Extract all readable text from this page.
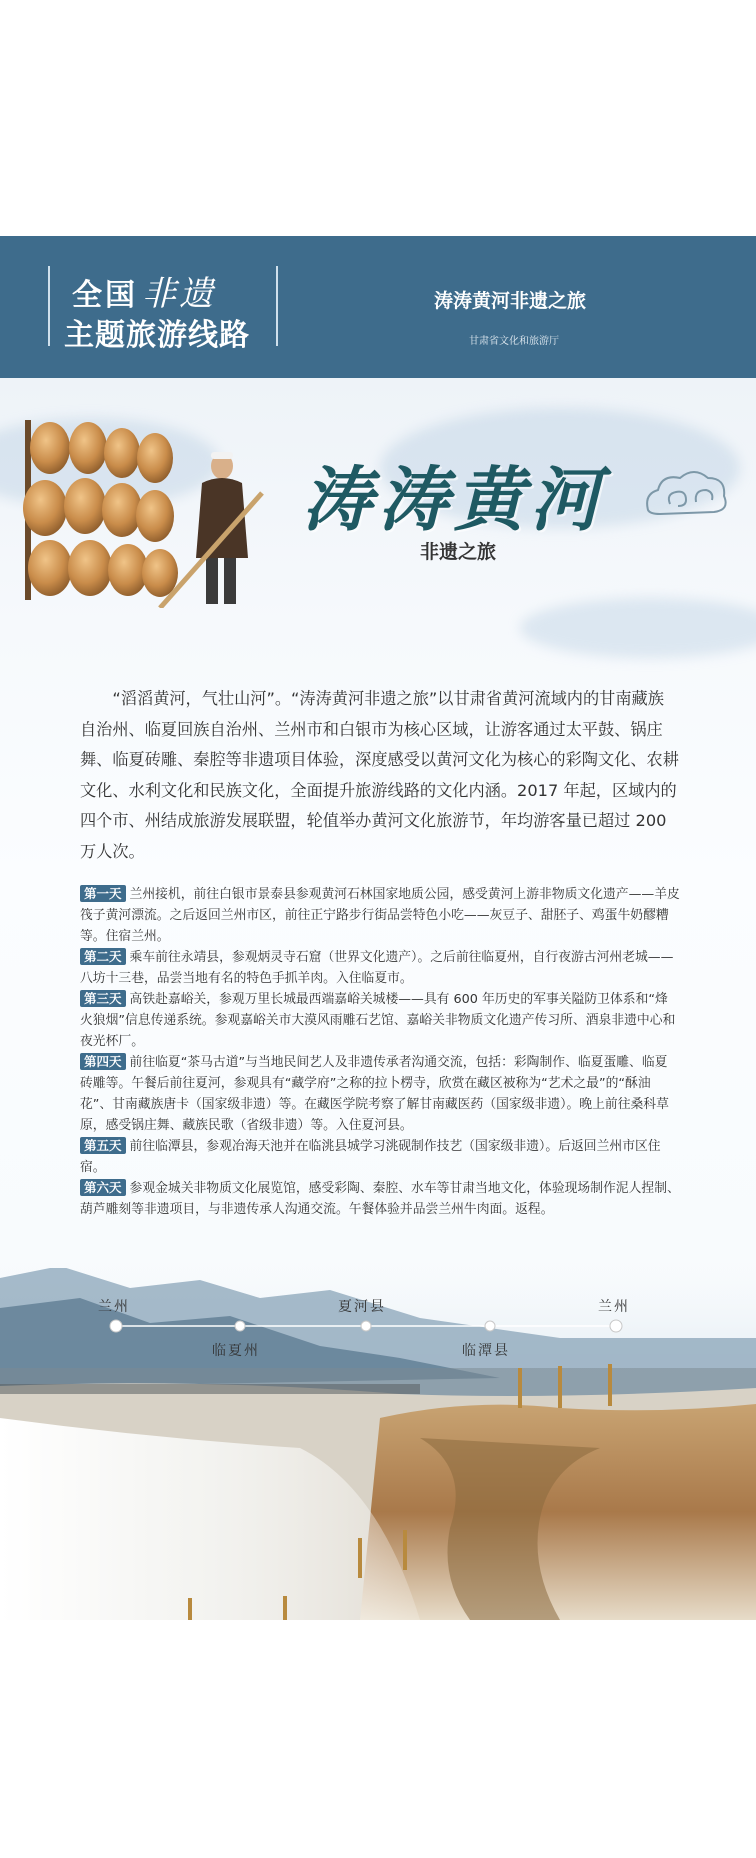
全国 非遗
主题旅游线路
涛涛黄河非遗之旅
甘肃省文化和旅游厅
涛涛黄河
非遗之旅

“滔滔黄河，气壮山河”。“涛涛黄河非遗之旅”以甘肃省黄河流域内的甘南藏族自治州、临夏回族自治州、兰州市和白银市为核心区域，让游客通过太平鼓、锅庄舞、临夏砖雕、秦腔等非遗项目体验，深度感受以黄河文化为核心的彩陶文化、农耕文化、水利文化和民族文化，全面提升旅游线路的文化内涵。2017 年起，区域内的四个市、州结成旅游发展联盟，轮值举办黄河文化旅游节，年均游客量已超过 200 万人次。

第一天 兰州接机，前往白银市景泰县参观黄河石林国家地质公园，感受黄河上游非物质文化遗产——羊皮筏子黄河漂流。之后返回兰州市区，前往正宁路步行街品尝特色小吃——灰豆子、甜胚子、鸡蛋牛奶醪糟等。住宿兰州。

第二天 乘车前往永靖县，参观炳灵寺石窟（世界文化遗产）。之后前往临夏州，自行夜游古河州老城——八坊十三巷，品尝当地有名的特色手抓羊肉。入住临夏市。

第三天 高铁赴嘉峪关，参观万里长城最西端嘉峪关城楼——具有 600 年历史的军事关隘防卫体系和“烽火狼烟”信息传递系统。参观嘉峪关市大漠风雨雕石艺馆、嘉峪关非物质文化遗产传习所、酒泉非遗中心和夜光杯厂。

第四天 前往临夏“茶马古道”与当地民间艺人及非遗传承者沟通交流，包括：彩陶制作、临夏蛋雕、临夏砖雕等。午餐后前往夏河，参观具有“藏学府”之称的拉卜楞寺，欣赏在藏区被称为“艺术之最”的“酥油花”、甘南藏族唐卡（国家级非遗）等。在藏医学院考察了解甘南藏医药（国家级非遗）。晚上前往桑科草原，感受锅庄舞、藏族民歌（省级非遗）等。入住夏河县。

第五天 前往临潭县，参观冶海天池并在临洮县城学习洮砚制作技艺（国家级非遗）。后返回兰州市区住宿。

第六天 参观金城关非物质文化展览馆，感受彩陶、秦腔、水车等甘肃当地文化，体验现场制作泥人捏制、葫芦雕刻等非遗项目，与非遗传承人沟通交流。午餐体验并品尝兰州牛肉面。返程。

兰州
临夏州
夏河县
临潭县
兰州
